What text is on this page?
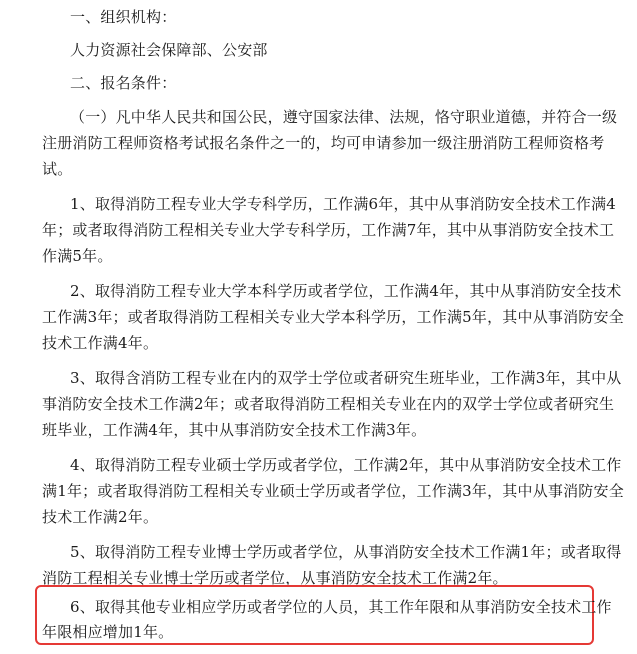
一、组织机构：
人力资源社会保障部、公安部
二、报名条件：
（一）凡中华人民共和国公民，遵守国家法律、法规，恪守职业道德，并符合一级
注册消防工程师资格考试报名条件之一的，均可申请参加一级注册消防工程师资格考
试。
1、取得消防工程专业大学专科学历，工作满6年，其中从事消防安全技术工作满4
年；或者取得消防工程相关专业大学专科学历，工作满7年，其中从事消防安全技术工
作满5年。
2、取得消防工程专业大学本科学历或者学位，工作满4年，其中从事消防安全技术
工作满3年；或者取得消防工程相关专业大学本科学历，工作满5年，其中从事消防安全
技术工作满4年。
3、取得含消防工程专业在内的双学士学位或者研究生班毕业，工作满3年，其中从
事消防安全技术工作满2年；或者取得消防工程相关专业在内的双学士学位或者研究生
班毕业，工作满4年，其中从事消防安全技术工作满3年。
4、取得消防工程专业硕士学历或者学位，工作满2年，其中从事消防安全技术工作
满1年；或者取得消防工程相关专业硕士学历或者学位，工作满3年，其中从事消防安全
技术工作满2年。
5、取得消防工程专业博士学历或者学位，从事消防安全技术工作满1年；或者取得
消防工程相关专业博士学历或者学位，从事消防安全技术工作满2年。
6、取得其他专业相应学历或者学位的人员，其工作年限和从事消防安全技术工作
年限相应增加1年。
